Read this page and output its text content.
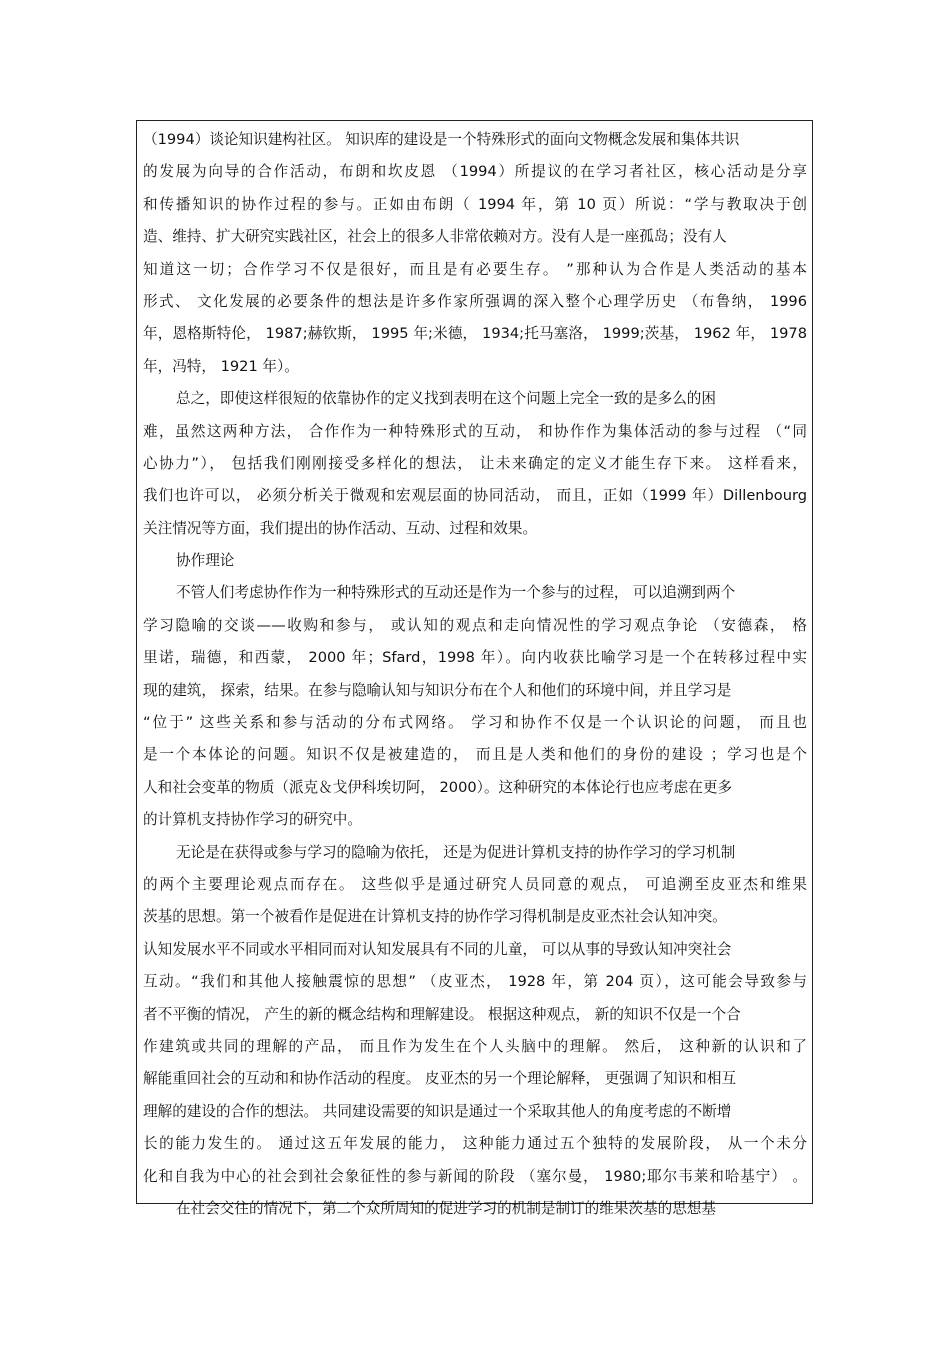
（1994）谈论知识建构社区。 知识库的建设是一个特殊形式的面向文物概念发展和集体共识
的发展为向导的合作活动，布朗和坎皮恩 （1994）所提议的在学习者社区，核心活动是分享
和传播知识的协作过程的参与。正如由布朗（ 1994 年，第 10 页）所说：“学与教取决于创
造、维持、扩大研究实践社区，社会上的很多人非常依赖对方。没有人是一座孤岛；没有人
知道这一切；合作学习不仅是很好，而且是有必要生存。 ”那种认为合作是人类活动的基本
形式、 文化发展的必要条件的想法是许多作家所强调的深入整个心理学历史 （布鲁纳， 1996
年，恩格斯特伦， 1987;赫钦斯， 1995 年;米德， 1934;托马塞洛， 1999;茨基， 1962 年， 1978
年，冯特， 1921 年）。
总之，即使这样很短的依靠协作的定义找到表明在这个问题上完全一致的是多么的困
难，虽然这两种方法， 合作作为一种特殊形式的互动， 和协作作为集体活动的参与过程 （“同
心协力”）， 包括我们刚刚接受多样化的想法， 让未来确定的定义才能生存下来。 这样看来，
我们也许可以， 必须分析关于微观和宏观层面的协同活动， 而且，正如（1999 年）Dillenbourg
关注情况等方面，我们提出的协作活动、互动、过程和效果。
协作理论
不管人们考虑协作作为一种特殊形式的互动还是作为一个参与的过程， 可以追溯到两个
学习隐喻的交谈——收购和参与， 或认知的观点和走向情况性的学习观点争论 （安德森， 格
里诺，瑞德，和西蒙， 2000 年；Sfard，1998 年）。向内收获比喻学习是一个在转移过程中实
现的建筑， 探索，结果。在参与隐喻认知与知识分布在个人和他们的环境中间，并且学习是
“位于” 这些关系和参与活动的分布式网络。 学习和协作不仅是一个认识论的问题， 而且也
是一个本体论的问题。知识不仅是被建造的， 而且是人类和他们的身份的建设 ；学习也是个
人和社会变革的物质（派克＆戈伊科埃切阿， 2000）。这种研究的本体论行也应考虑在更多
的计算机支持协作学习的研究中。
无论是在获得或参与学习的隐喻为依托， 还是为促进计算机支持的协作学习的学习机制
的两个主要理论观点而存在。 这些似乎是通过研究人员同意的观点， 可追溯至皮亚杰和维果
茨基的思想。第一个被看作是促进在计算机支持的协作学习得机制是皮亚杰社会认知冲突。
认知发展水平不同或水平相同而对认知发展具有不同的儿童， 可以从事的导致认知冲突社会
互动。“我们和其他人接触震惊的思想” （皮亚杰， 1928 年，第 204 页），这可能会导致参与
者不平衡的情况， 产生的新的概念结构和理解建设。 根据这种观点， 新的知识不仅是一个合
作建筑或共同的理解的产品， 而且作为发生在个人头脑中的理解。 然后， 这种新的认识和了
解能重回社会的互动和和协作活动的程度。 皮亚杰的另一个理论解释， 更强调了知识和相互
理解的建设的合作的想法。 共同建设需要的知识是通过一个采取其他人的角度考虑的不断增
长的能力发生的。 通过这五年发展的能力， 这种能力通过五个独特的发展阶段， 从一个未分
化和自我为中心的社会到社会象征性的参与新闻的阶段 （塞尔曼， 1980;耶尔韦莱和哈基宁） 。
在社会交往的情况下，第二个众所周知的促进学习的机制是制订的维果茨基的思想基
